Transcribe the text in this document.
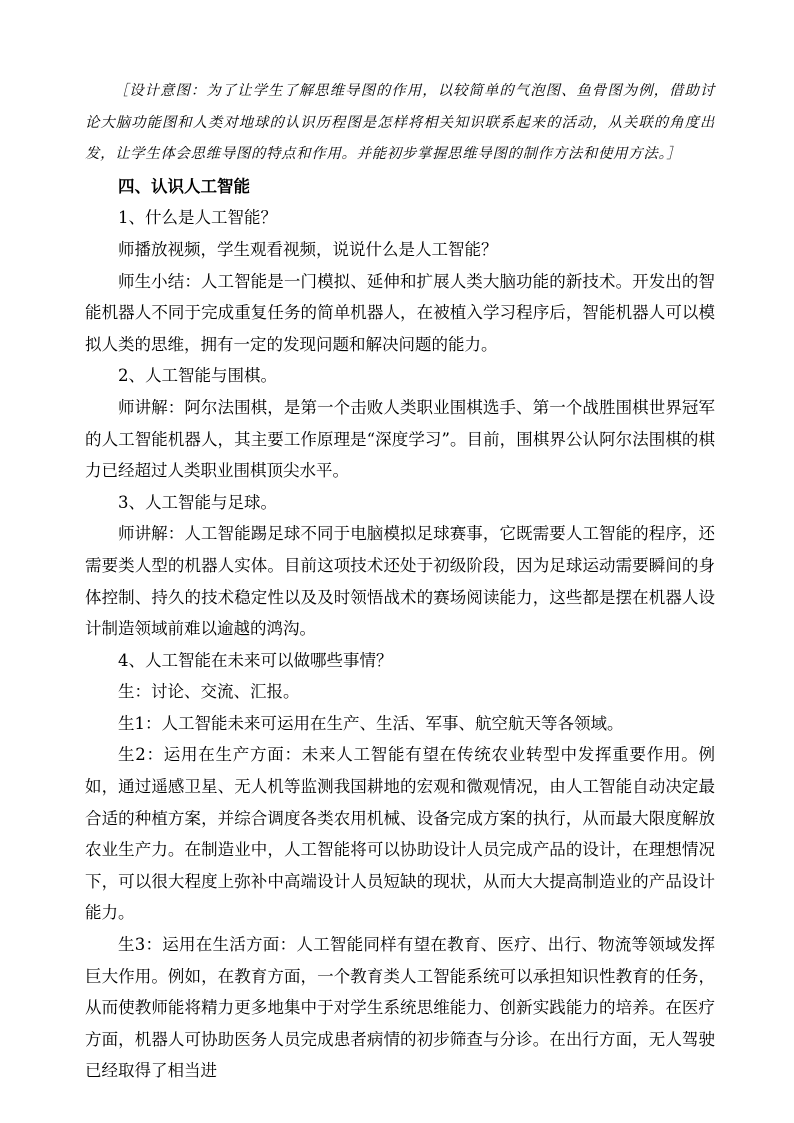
［设计意图：为了让学生了解思维导图的作用，以较简单的气泡图、鱼骨图为例，借助讨论大脑功能图和人类对地球的认识历程图是怎样将相关知识联系起来的活动，从关联的角度出发，让学生体会思维导图的特点和作用。并能初步掌握思维导图的制作方法和使用方法。］

四、认识人工智能

1、什么是人工智能？

师播放视频，学生观看视频，说说什么是人工智能？

师生小结：人工智能是一门模拟、延伸和扩展人类大脑功能的新技术。开发出的智能机器人不同于完成重复任务的简单机器人，在被植入学习程序后，智能机器人可以模拟人类的思维，拥有一定的发现问题和解决问题的能力。

2、人工智能与围棋。

师讲解：阿尔法围棋，是第一个击败人类职业围棋选手、第一个战胜围棋世界冠军的人工智能机器人，其主要工作原理是“深度学习”。目前，围棋界公认阿尔法围棋的棋力已经超过人类职业围棋顶尖水平。

3、人工智能与足球。

师讲解：人工智能踢足球不同于电脑模拟足球赛事，它既需要人工智能的程序，还需要类人型的机器人实体。目前这项技术还处于初级阶段，因为足球运动需要瞬间的身体控制、持久的技术稳定性以及及时领悟战术的赛场阅读能力，这些都是摆在机器人设计制造领域前难以逾越的鸿沟。

4、人工智能在未来可以做哪些事情？

生：讨论、交流、汇报。

生1：人工智能未来可运用在生产、生活、军事、航空航天等各领域。

生2：运用在生产方面：未来人工智能有望在传统农业转型中发挥重要作用。例如，通过遥感卫星、无人机等监测我国耕地的宏观和微观情况，由人工智能自动决定最合适的种植方案，并综合调度各类农用机械、设备完成方案的执行，从而最大限度解放农业生产力。在制造业中，人工智能将可以协助设计人员完成产品的设计，在理想情况下，可以很大程度上弥补中高端设计人员短缺的现状，从而大大提高制造业的产品设计能力。

生3：运用在生活方面：人工智能同样有望在教育、医疗、出行、物流等领域发挥巨大作用。例如，在教育方面，一个教育类人工智能系统可以承担知识性教育的任务，从而使教师能将精力更多地集中于对学生系统思维能力、创新实践能力的培养。在医疗方面，机器人可协助医务人员完成患者病情的初步筛查与分诊。在出行方面，无人驾驶已经取得了相当进
